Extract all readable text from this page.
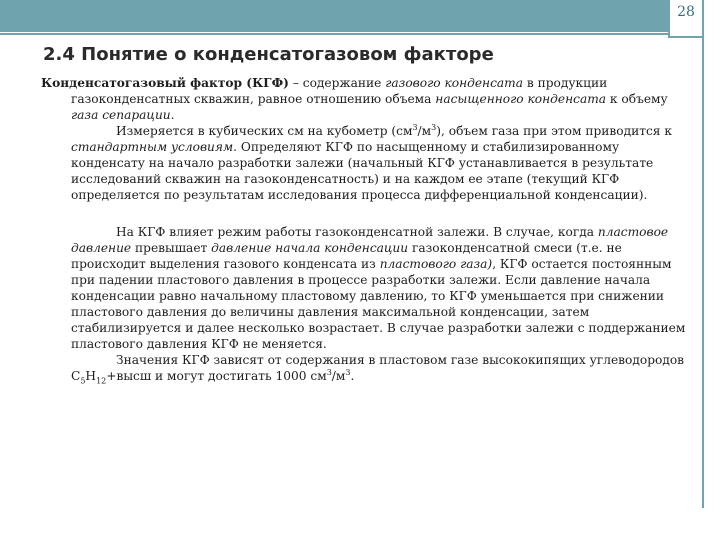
28
2.4 Понятие о конденсатогазовом факторе

Конденсатогазовый фактор (КГФ) – содержание газового конденсата в продукции газоконденсатных скважин, равное отношению объема насыщенного конденсата к объему газа сепарации.

Измеряется в кубических см на кубометр $(см^3/м^3)$, объем газа при этом приводится к стандартным условиям. Определяют КГФ по насыщенному и стабилизированному конденсату на начало разработки залежи (начальный КГФ устанавливается в результате исследований скважин на газоконденсатность) и на каждом ее этапе (текущий КГФ определяется по результатам исследования процесса дифференциальной конденсации).

На КГФ влияет режим работы газоконденсатной залежи. В случае, когда пластовое давление превышает давление начала конденсации газоконденсатной смеси (т.е. не происходит выделения газового конденсата из пластового газа), КГФ остается постоянным при падении пластового давления в процессе разработки залежи. Если давление начала конденсации равно начальному пластовому давлению, то КГФ уменьшается при снижении пластового давления до величины давления максимальной конденсации, затем стабилизируется и далее несколько возрастает. В случае разработки залежи с поддержанием пластового давления КГФ не меняется.

Значения КГФ зависят от содержания в пластовом газе высококипящих углеводородов $С_5Н_{12}+высш$ и могут достигать 1000 $см^3/м^3$.
